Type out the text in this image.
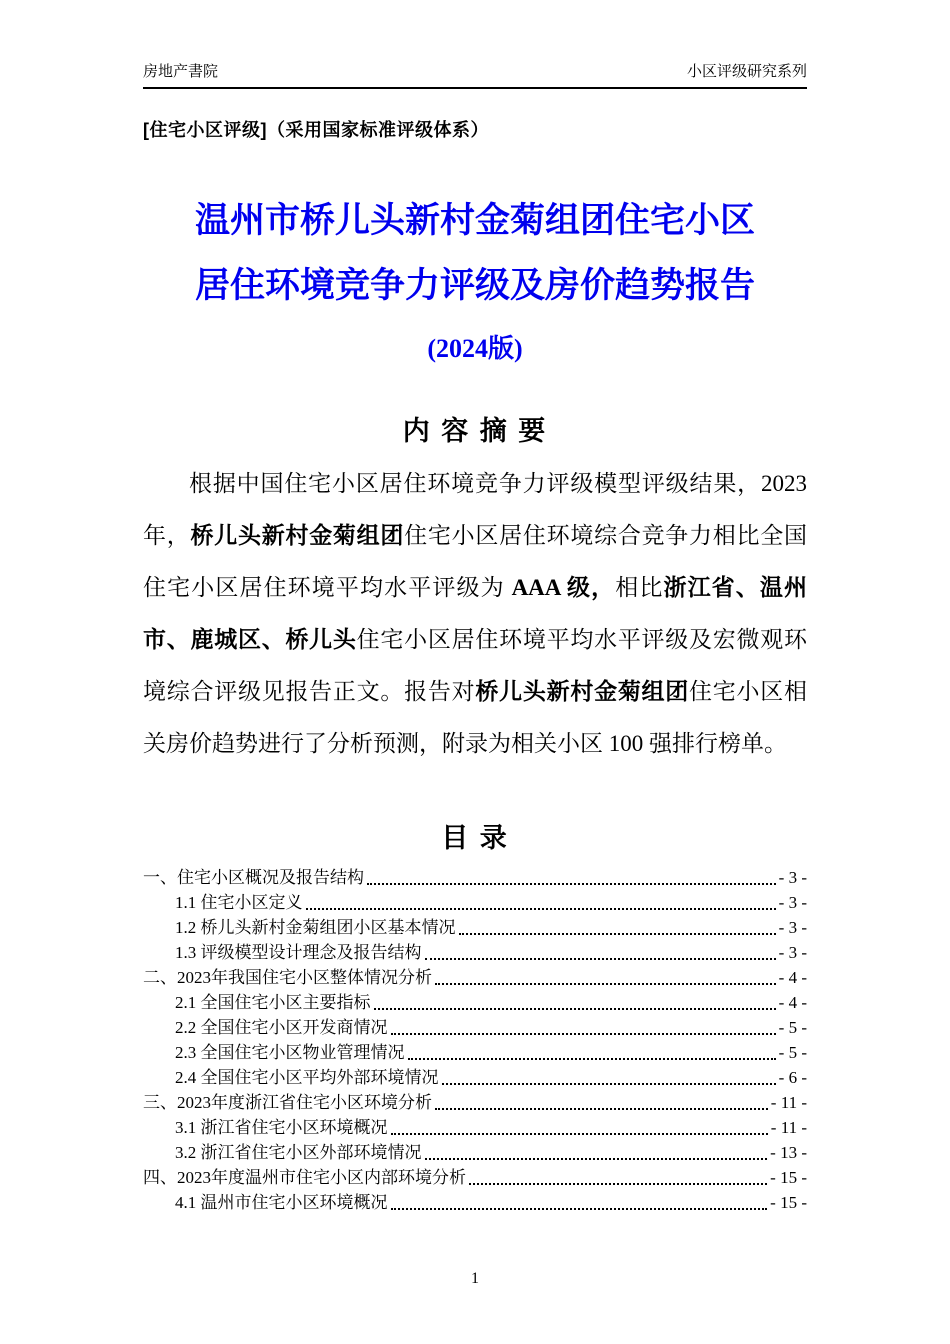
房地产書院	小区评级研究系列
[住宅小区评级]（采用国家标准评级体系）
温州市桥儿头新村金菊组团住宅小区
居住环境竞争力评级及房价趋势报告
(2024版)
内 容 摘 要

根据中国住宅小区居住环境竞争力评级模型评级结果，2023 年，桥儿头新村金菊组团住宅小区居住环境综合竞争力相比全国住宅小区居住环境平均水平评级为 AAA 级，相比浙江省、温州市、鹿城区、桥儿头住宅小区居住环境平均水平评级及宏微观环境综合评级见报告正文。报告对桥儿头新村金菊组团住宅小区相关房价趋势进行了分析预测，附录为相关小区 100 强排行榜单。

目 录
一、住宅小区概况及报告结构	- 3 -
1.1 住宅小区定义	- 3 -
1.2 桥儿头新村金菊组团小区基本情况	- 3 -
1.3 评级模型设计理念及报告结构	- 3 -
二、2023年我国住宅小区整体情况分析	- 4 -
2.1 全国住宅小区主要指标	- 4 -
2.2 全国住宅小区开发商情况	- 5 -
2.3 全国住宅小区物业管理情况	- 5 -
2.4 全国住宅小区平均外部环境情况	- 6 -
三、2023年度浙江省住宅小区环境分析	- 11 -
3.1 浙江省住宅小区环境概况	- 11 -
3.2 浙江省住宅小区外部环境情况	- 13 -
四、2023年度温州市住宅小区内部环境分析	- 15 -
4.1 温州市住宅小区环境概况	- 15 -
1
